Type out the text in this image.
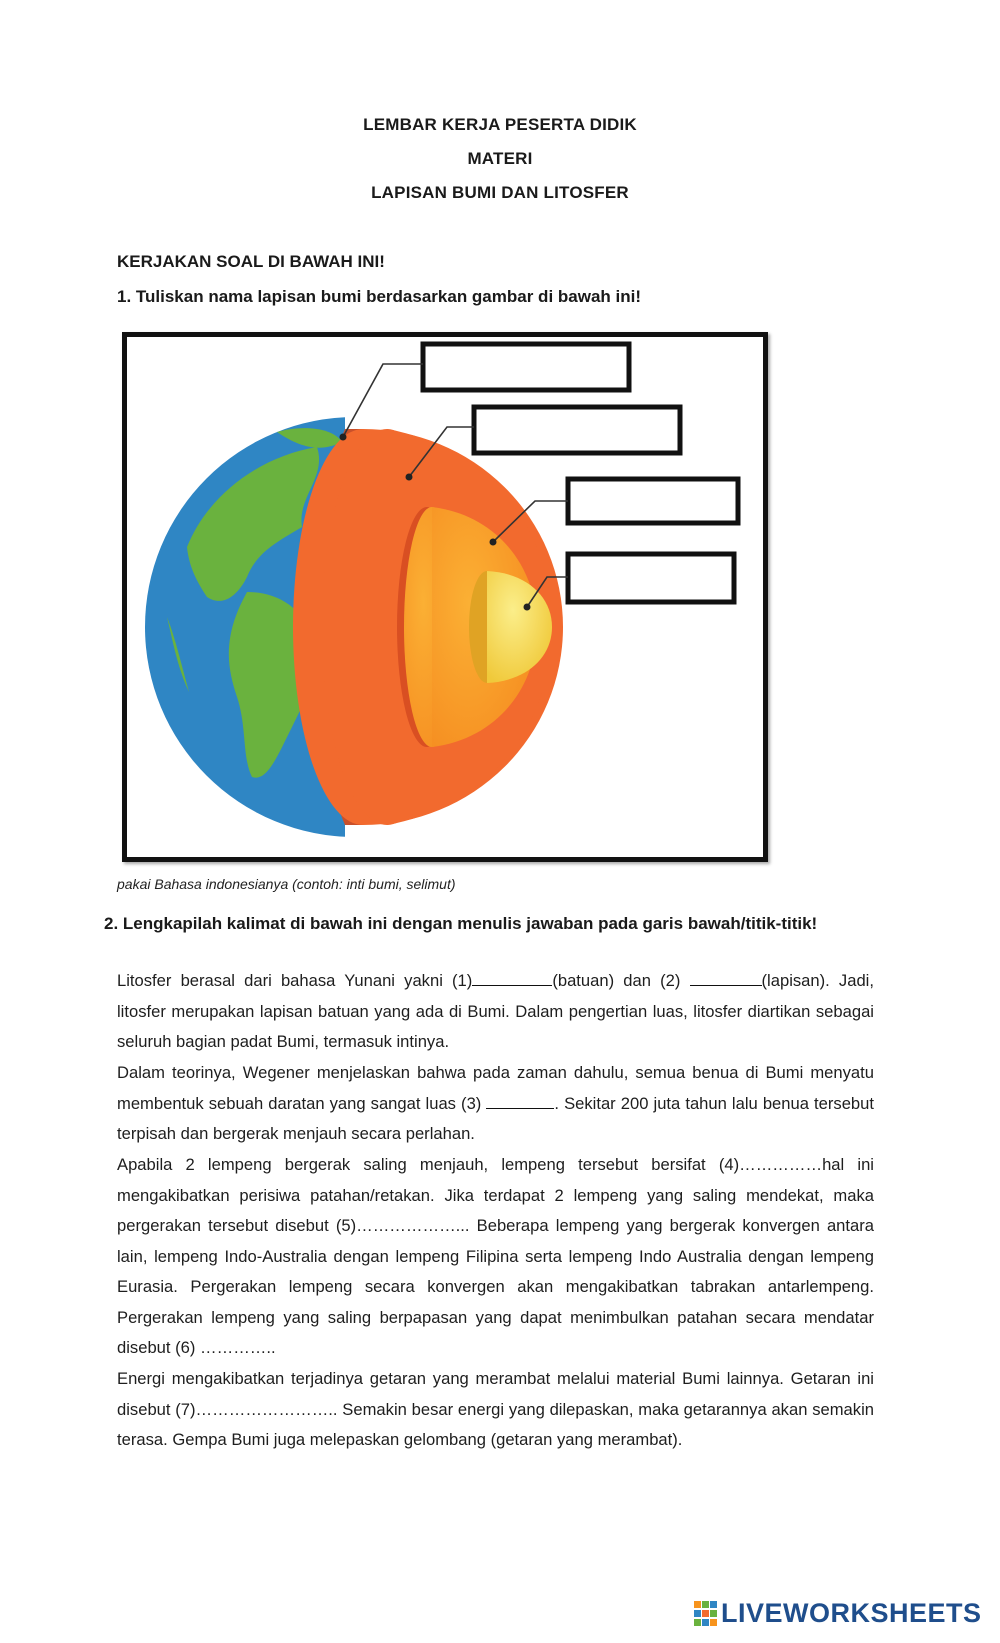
LEMBAR KERJA PESERTA DIDIK
MATERI
LAPISAN BUMI DAN LITOSFER
KERJAKAN SOAL DI BAWAH INI!
1. Tuliskan nama lapisan bumi berdasarkan gambar di bawah ini!
pakai Bahasa indonesianya (contoh: inti bumi, selimut)
2. Lengkapilah kalimat di bawah ini dengan menulis jawaban pada garis bawah/titik-titik!
Litosfer berasal dari bahasa Yunani yakni (1)	(batuan) dan (2)	(lapisan). Jadi, litosfer merupakan lapisan batuan yang ada di Bumi. Dalam pengertian luas, litosfer diartikan sebagai seluruh bagian padat Bumi, termasuk intinya.
Dalam teorinya, Wegener menjelaskan bahwa pada zaman dahulu, semua benua di Bumi menyatu membentuk sebuah daratan yang sangat luas (3)	. Sekitar 200 juta tahun lalu benua tersebut terpisah dan bergerak menjauh secara perlahan.
Apabila 2 lempeng bergerak saling menjauh, lempeng tersebut bersifat (4)……………hal ini mengakibatkan perisiwa patahan/retakan. Jika terdapat 2 lempeng yang saling mendekat, maka pergerakan tersebut disebut (5)………………... Beberapa lempeng yang bergerak konvergen antara lain, lempeng Indo-Australia dengan lempeng Filipina serta lempeng Indo Australia dengan lempeng Eurasia. Pergerakan lempeng secara konvergen akan mengakibatkan tabrakan antarlempeng. Pergerakan lempeng yang saling berpapasan yang dapat menimbulkan patahan secara mendatar disebut (6) …………..
Energi mengakibatkan terjadinya getaran yang merambat melalui material Bumi lainnya. Getaran ini disebut (7)…………………….. Semakin besar energi yang dilepaskan, maka getarannya akan semakin terasa. Gempa Bumi juga melepaskan gelombang (getaran yang merambat).
LIVEWORKSHEETS
